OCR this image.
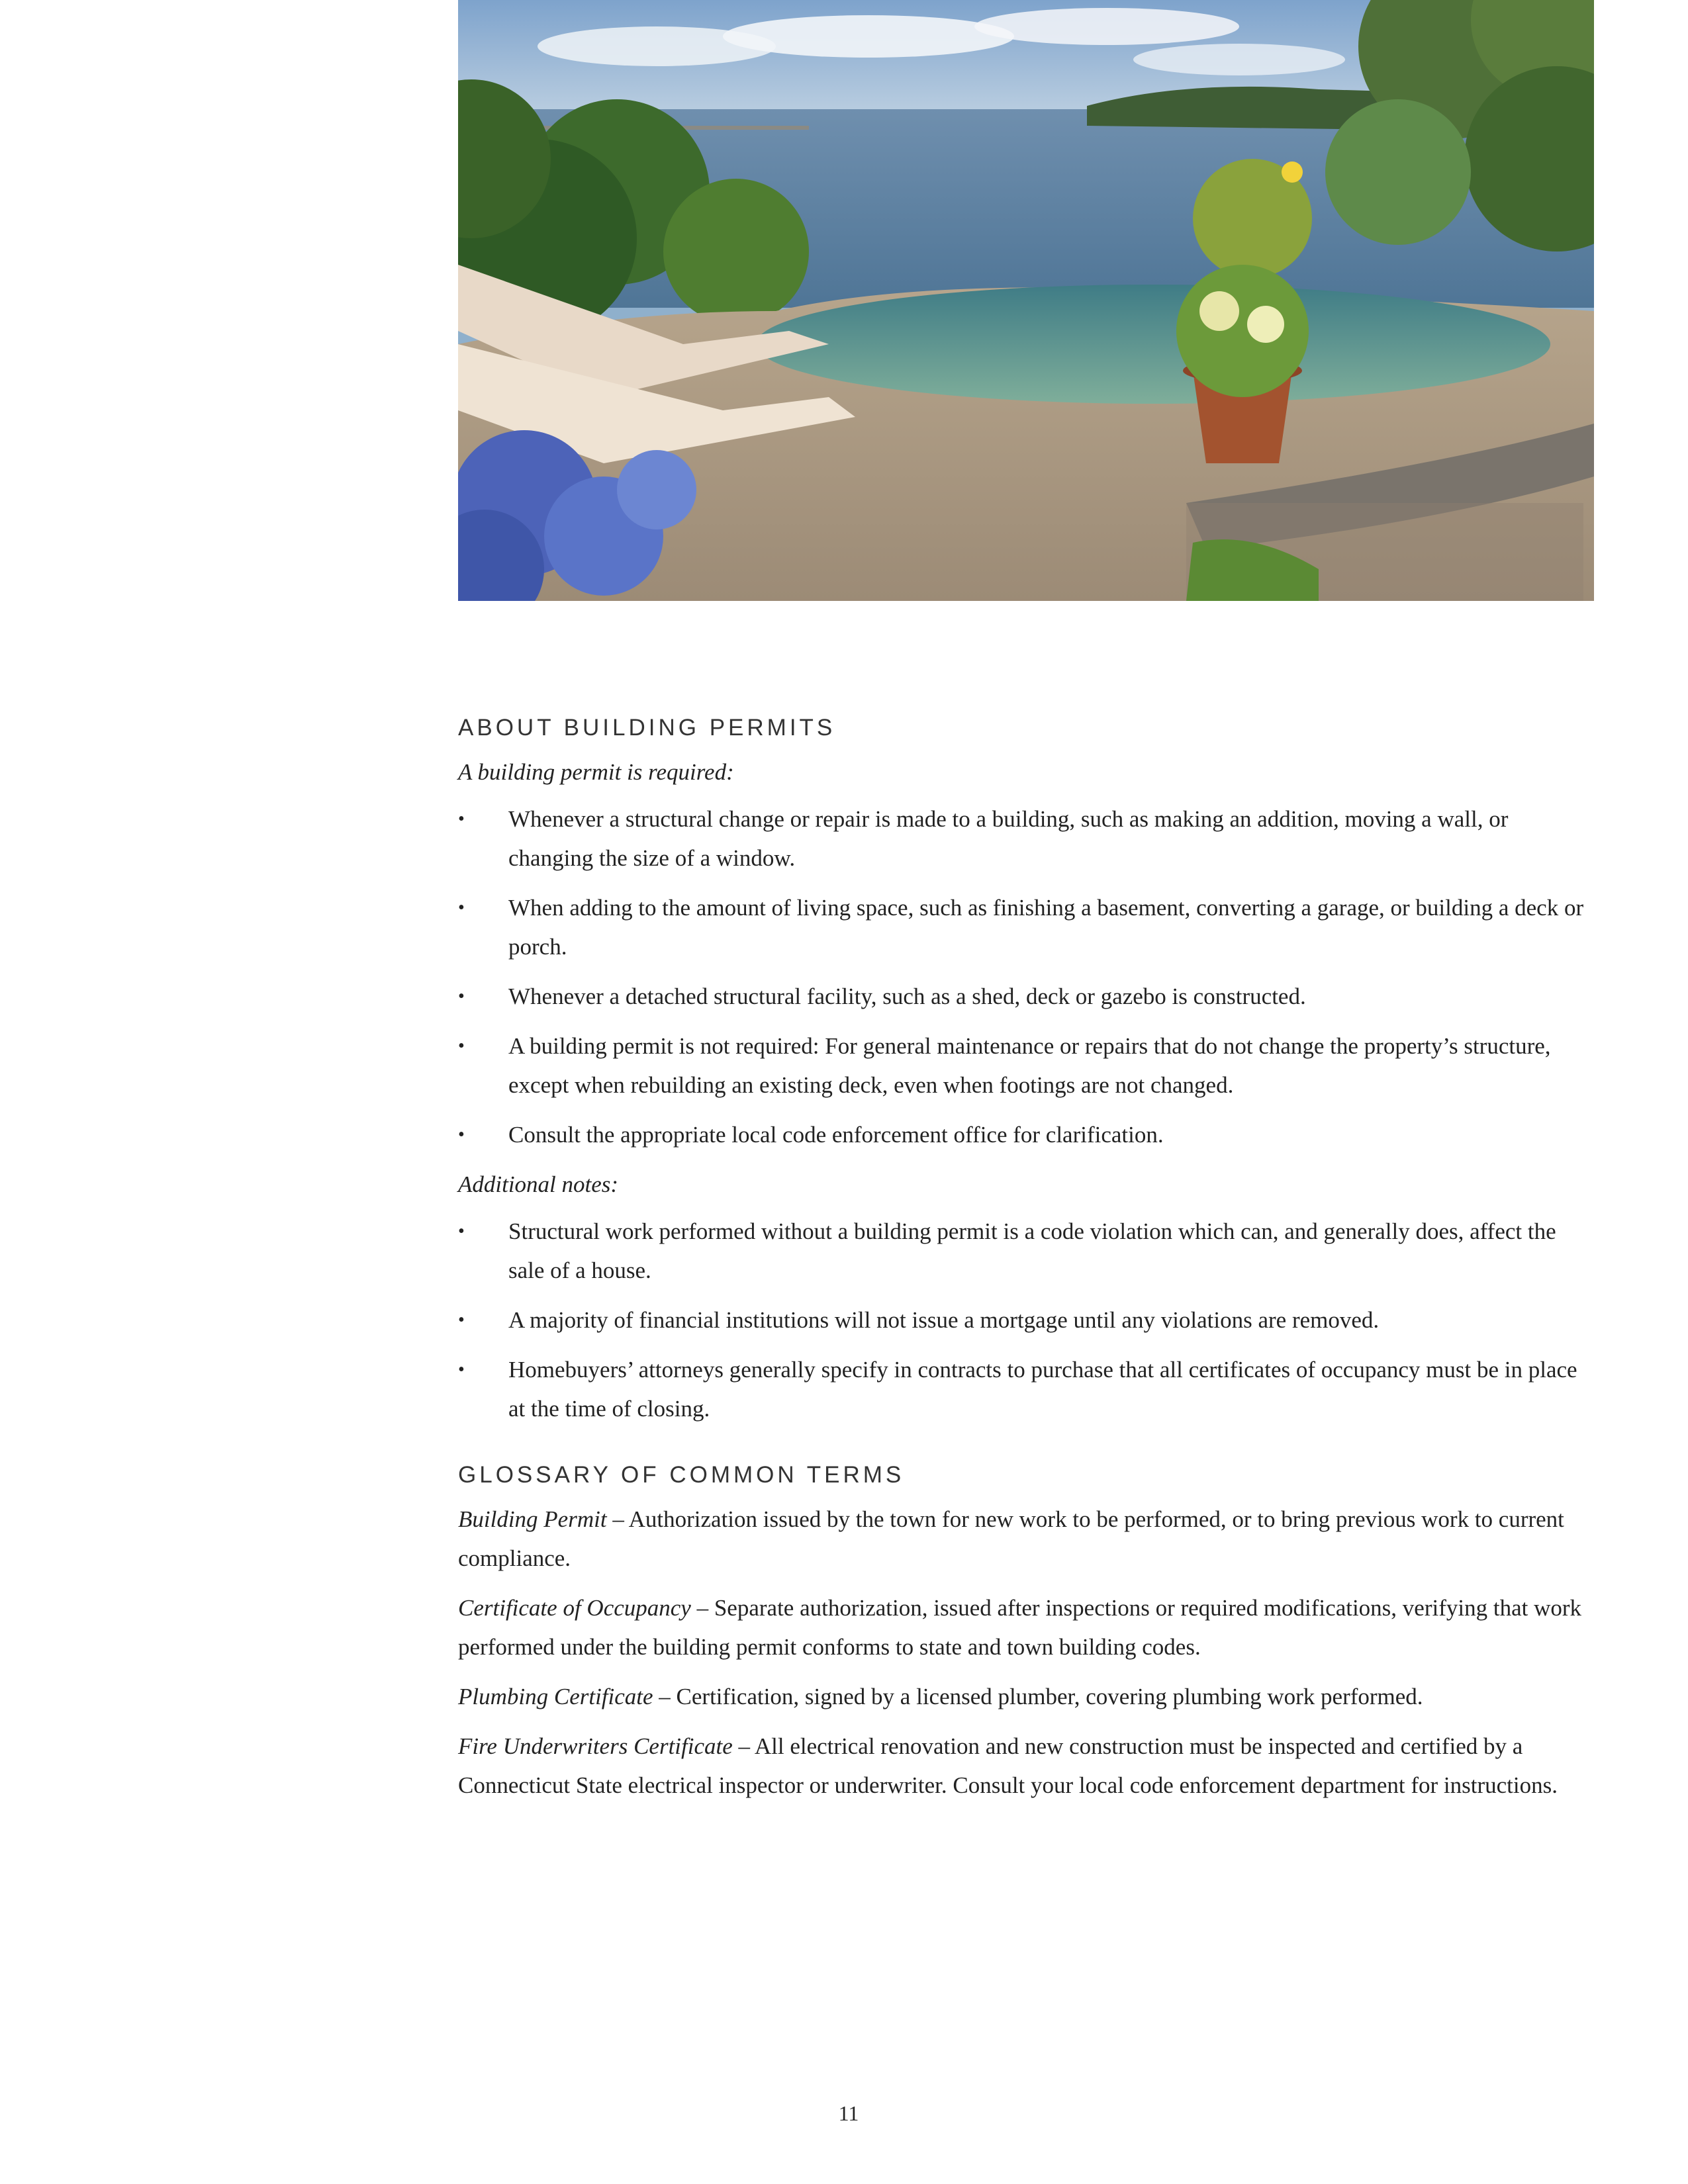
ABOUT BUILDING PERMITS
A building permit is required:
• Whenever a structural change or repair is made to a building, such as making an addition, moving a wall, or changing the size of a window.
• When adding to the amount of living space, such as finishing a basement, converting a garage, or building a deck or porch.
• Whenever a detached structural facility, such as a shed, deck or gazebo is constructed.
• A building permit is not required: For general maintenance or repairs that do not change the property’s structure, except when rebuilding an existing deck, even when footings are not changed.
• Consult the appropriate local code enforcement office for clarification.
Additional notes:
• Structural work performed without a building permit is a code violation which can, and generally does, affect the sale of a house.
• A majority of financial institutions will not issue a mortgage until any violations are removed.
• Homebuyers’ attorneys generally specify in contracts to purchase that all certificates of occupancy must be in place at the time of closing.
GLOSSARY OF COMMON TERMS

Building Permit – Authorization issued by the town for new work to be performed, or to bring previous work to current compliance.

Certificate of Occupancy – Separate authorization, issued after inspections or required modifications, verifying that work performed under the building permit conforms to state and town building codes.

Plumbing Certificate – Certification, signed by a licensed plumber, covering plumbing work performed.

Fire Underwriters Certificate – All electrical renovation and new construction must be inspected and certified by a Connecticut State electrical inspector or underwriter. Consult your local code enforcement department for instructions.

11
